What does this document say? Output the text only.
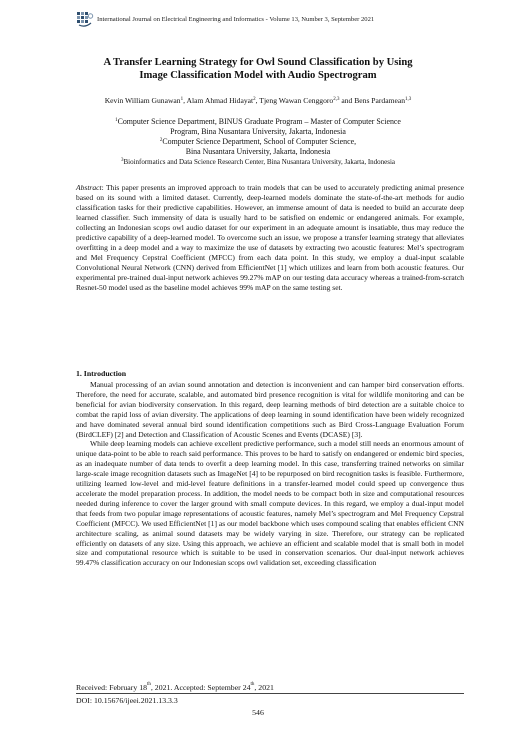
International Journal on Electrical Engineering and Informatics - Volume 13, Number 3, September 2021
A Transfer Learning Strategy for Owl Sound Classification by Using
Image Classification Model with Audio Spectrogram
Kevin William Gunawan$^1$, Alam Ahmad Hidayat$^2$, Tjeng Wawan Cenggoro$^{2,3}$ and Bens Pardamean$^{1,3}$
$^1$Computer Science Department, BINUS Graduate Program – Master of Computer Science
Program, Bina Nusantara University, Jakarta, Indonesia
$^2$Computer Science Department, School of Computer Science,
Bina Nusantara University, Jakarta, Indonesia
$^3$Bioinformatics and Data Science Research Center, Bina Nusantara University, Jakarta, Indonesia
Abstract: This paper presents an improved approach to train models that can be used to accurately predicting animal presence based on its sound with a limited dataset. Currently, deep-learned models dominate the state-of-the-art methods for audio classification tasks for their predictive capabilities. However, an immense amount of data is needed to build an accurate deep learned classifier. Such immensity of data is usually hard to be satisfied on endemic or endangered animals. For example, collecting an Indonesian scops owl audio dataset for our experiment in an adequate amount is insatiable, thus may reduce the predictive capability of a deep-learned model. To overcome such an issue, we propose a transfer learning strategy that alleviates overfitting in a deep model and a way to maximize the use of datasets by extracting two acoustic features: Mel’s spectrogram and Mel Frequency Cepstral Coefficient (MFCC) from each data point. In this study, we employ a dual-input scalable Convolutional Neural Network (CNN) derived from EfficientNet [1] which utilizes and learn from both acoustic features. Our experimental pre-trained dual-input network achieves 99.27% mAP on our testing data accuracy whereas a trained-from-scratch Resnet-50 model used as the baseline model achieves 99% mAP on the same testing set.
1. Introduction

Manual processing of an avian sound annotation and detection is inconvenient and can hamper bird conservation efforts. Therefore, the need for accurate, scalable, and automated bird presence recognition is vital for wildlife monitoring and can be beneficial for avian biodiversity conservation. In this regard, deep learning methods of bird detection are a suitable choice to combat the rapid loss of avian diversity. The applications of deep learning in sound identification have been widely recognized and have dominated several annual bird sound identification competitions such as Bird Cross-Language Evaluation Forum (BirdCLEF) [2] and Detection and Classification of Acoustic Scenes and Events (DCASE) [3].

While deep learning models can achieve excellent predictive performance, such a model still needs an enormous amount of unique data-point to be able to reach said performance. This proves to be hard to satisfy on endangered or endemic bird species, as an inadequate number of data tends to overfit a deep learning model. In this case, transferring trained networks on similar large-scale image recognition datasets such as ImageNet [4] to be repurposed on bird recognition tasks is feasible. Furthermore, utilizing learned low-level and mid-level feature definitions in a transfer-learned model could speed up convergence thus accelerate the model preparation process. In addition, the model needs to be compact both in size and computational resources needed during inference to cover the larger ground with small compute devices. In this regard, we employ a dual-input model that feeds from two popular image representations of acoustic features, namely Mel’s spectrogram and Mel Frequency Cepstral Coefficient (MFCC). We used EfficientNet [1] as our model backbone which uses compound scaling that enables efficient CNN architecture scaling, as animal sound datasets may be widely varying in size. Therefore, our strategy can be replicated efficiently on datasets of any size. Using this approach, we achieve an efficient and scalable model that is small both in model size and computational resource which is suitable to be used in conservation scenarios. Our dual-input network achieves 99.47% classification accuracy on our Indonesian scops owl validation set, exceeding classification

Received: February 18th, 2021. Accepted: September 24th, 2021
DOI: 10.15676/ijeei.2021.13.3.3
546
